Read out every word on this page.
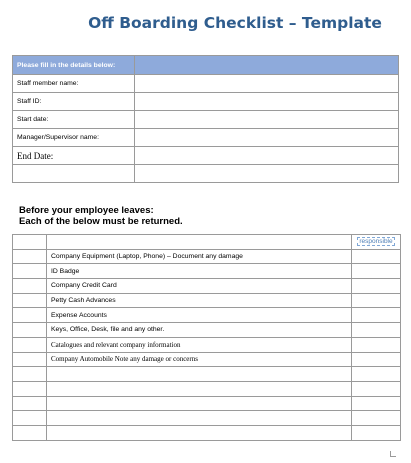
Off Boarding Checklist – Template
Please fill in the details below:	
Staff member name:	
Staff ID:	
Start date:	
Manager/Supervisor name:	
End Date:	

Before your employee leaves:
Each of the below must be returned.
		responsible
	Company Equipment (Laptop, Phone) – Document any damage	
	ID Badge	
	Company Credit Card	
	Petty Cash Advances	
	Expense Accounts	
	Keys, Office, Desk, file and any other.	
	Catalogues and relevant company information	
	Company Automobile Note any damage or concerns	
